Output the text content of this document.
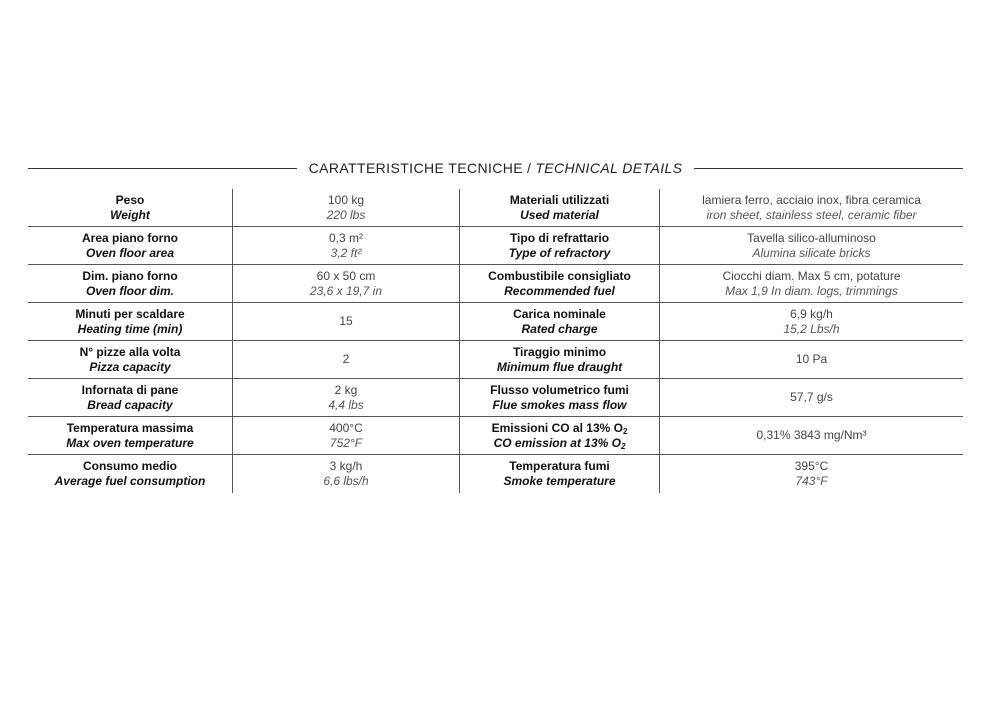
CARATTERISTICHE TECNICHE / TECHNICAL DETAILS
Peso
Weight
100 kg
220 lbs
Materiali utilizzati
Used material
lamiera ferro, acciaio inox, fibra ceramica
iron sheet, stainless steel, ceramic fiber
Area piano forno
Oven floor area
0,3 m²
3,2 ft²
Tipo di refrattario
Type of refractory
Tavella silico-alluminoso
Alumina silicate bricks
Dim. piano forno
Oven floor dim.
60 x 50 cm
23,6 x 19,7 in
Combustibile consigliato
Recommended fuel
Ciocchi diam. Max 5 cm, potature
Max 1,9 In diam. logs, trimmings
Minuti per scaldare
Heating time (min)
15
Carica nominale
Rated charge
6,9 kg/h
15,2 Lbs/h
N° pizze alla volta
Pizza capacity
2
Tiraggio minimo
Minimum flue draught
10 Pa
Infornata di pane
Bread capacity
2 kg
4,4 lbs
Flusso volumetrico fumi
Flue smokes mass flow
57,7 g/s
Temperatura massima
Max oven temperature
400°C
752°F
Emissioni CO al 13% $O_2$
CO emission at 13% $O_2$
0,31% 3843 mg/Nm³
Consumo medio
Average fuel consumption
3 kg/h
6,6 lbs/h
Temperatura fumi
Smoke temperature
395°C
743°F
